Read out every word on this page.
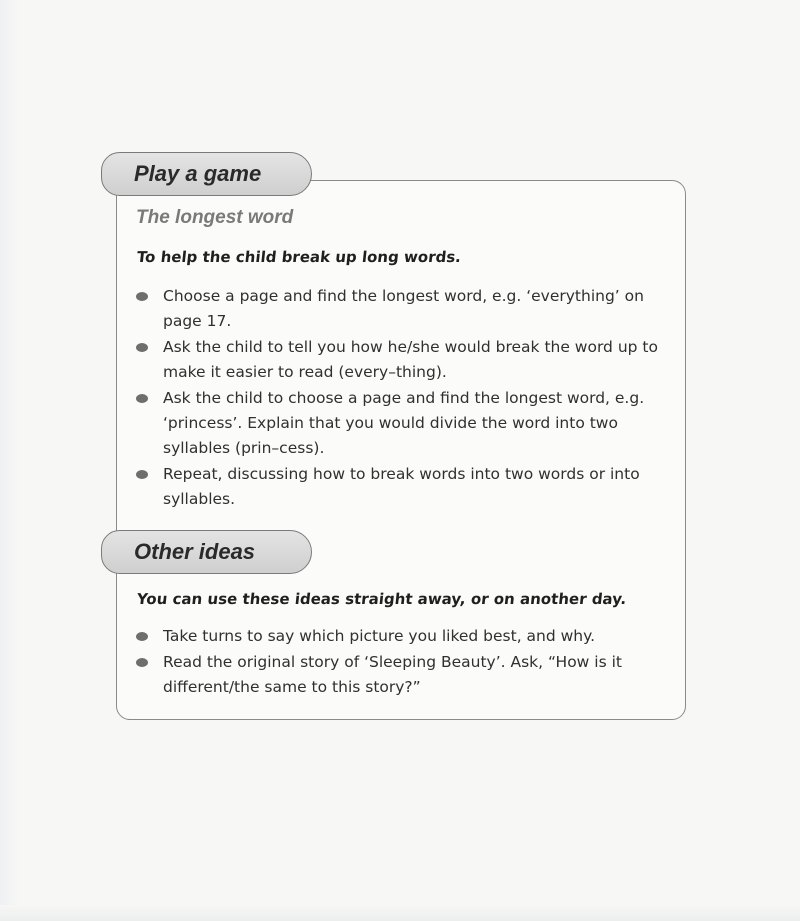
Play a game
The longest word

To help the child break up long words.

Choose a page and find the longest word, e.g. ‘everything’ on page 17.
Ask the child to tell you how he/she would break the word up to make it easier to read (every–thing).
Ask the child to choose a page and find the longest word, e.g. ‘princess’. Explain that you would divide the word into two syllables (prin–cess).
Repeat, discussing how to break words into two words or into syllables.
Other ideas

You can use these ideas straight away, or on another day.

Take turns to say which picture you liked best, and why.
Read the original story of ‘Sleeping Beauty’. Ask, “How is it different/the same to this story?”
